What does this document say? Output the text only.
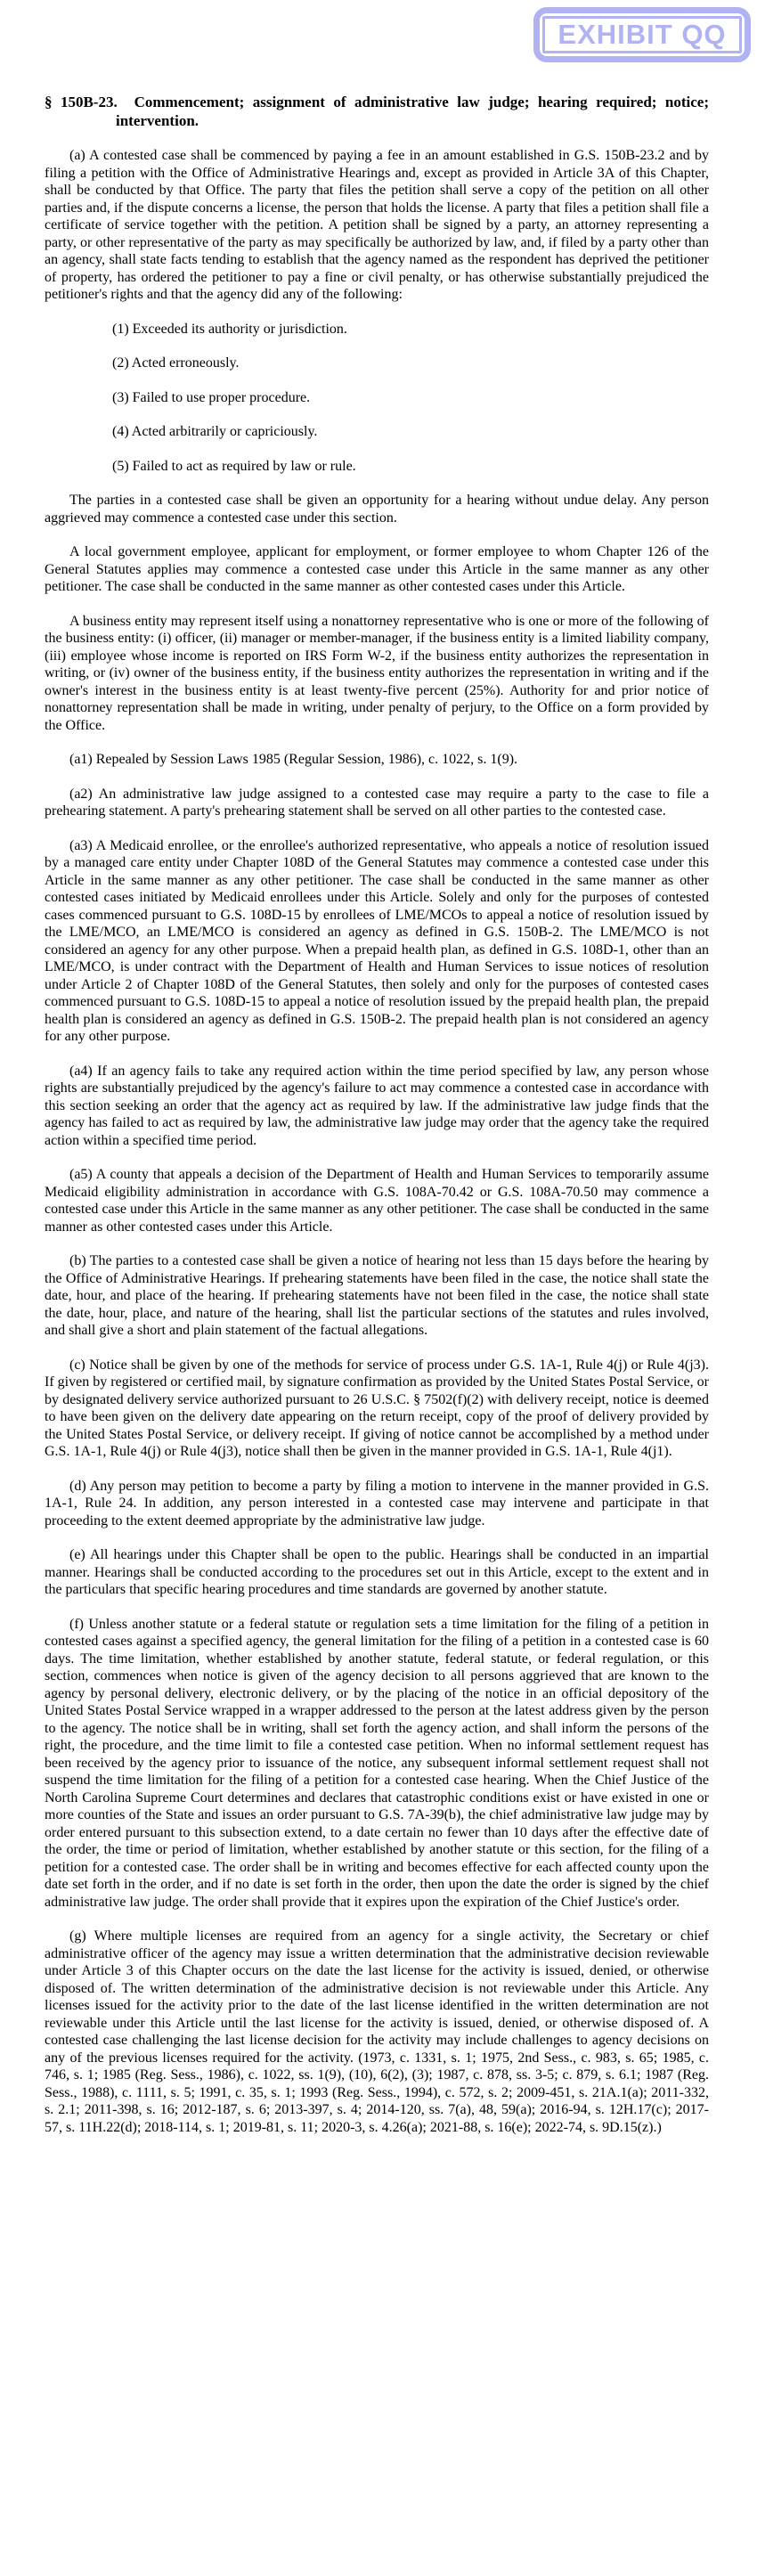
EXHIBIT QQ
§ 150B-23.  Commencement; assignment of administrative law judge; hearing required; notice; intervention.

(a) A contested case shall be commenced by paying a fee in an amount established in G.S. 150B-23.2 and by filing a petition with the Office of Administrative Hearings and, except as provided in Article 3A of this Chapter, shall be conducted by that Office. The party that files the petition shall serve a copy of the petition on all other parties and, if the dispute concerns a license, the person that holds the license. A party that files a petition shall file a certificate of service together with the petition. A petition shall be signed by a party, an attorney representing a party, or other representative of the party as may specifically be authorized by law, and, if filed by a party other than an agency, shall state facts tending to establish that the agency named as the respondent has deprived the petitioner of property, has ordered the petitioner to pay a fine or civil penalty, or has otherwise substantially prejudiced the petitioner's rights and that the agency did any of the following:

(1) Exceeded its authority or jurisdiction.
(2) Acted erroneously.
(3) Failed to use proper procedure.
(4) Acted arbitrarily or capriciously.
(5) Failed to act as required by law or rule.

The parties in a contested case shall be given an opportunity for a hearing without undue delay. Any person aggrieved may commence a contested case under this section.

A local government employee, applicant for employment, or former employee to whom Chapter 126 of the General Statutes applies may commence a contested case under this Article in the same manner as any other petitioner. The case shall be conducted in the same manner as other contested cases under this Article.

A business entity may represent itself using a nonattorney representative who is one or more of the following of the business entity: (i) officer, (ii) manager or member-manager, if the business entity is a limited liability company, (iii) employee whose income is reported on IRS Form W-2, if the business entity authorizes the representation in writing, or (iv) owner of the business entity, if the business entity authorizes the representation in writing and if the owner's interest in the business entity is at least twenty-five percent (25%). Authority for and prior notice of nonattorney representation shall be made in writing, under penalty of perjury, to the Office on a form provided by the Office.

(a1) Repealed by Session Laws 1985 (Regular Session, 1986), c. 1022, s. 1(9).

(a2) An administrative law judge assigned to a contested case may require a party to the case to file a prehearing statement. A party's prehearing statement shall be served on all other parties to the contested case.

(a3) A Medicaid enrollee, or the enrollee's authorized representative, who appeals a notice of resolution issued by a managed care entity under Chapter 108D of the General Statutes may commence a contested case under this Article in the same manner as any other petitioner. The case shall be conducted in the same manner as other contested cases initiated by Medicaid enrollees under this Article. Solely and only for the purposes of contested cases commenced pursuant to G.S. 108D-15 by enrollees of LME/MCOs to appeal a notice of resolution issued by the LME/MCO, an LME/MCO is considered an agency as defined in G.S. 150B-2. The LME/MCO is not considered an agency for any other purpose. When a prepaid health plan, as defined in G.S. 108D-1, other than an LME/MCO, is under contract with the Department of Health and Human Services to issue notices of resolution under Article 2 of Chapter 108D of the General Statutes, then solely and only for the purposes of contested cases commenced pursuant to G.S. 108D-15 to appeal a notice of resolution issued by the prepaid health plan, the prepaid health plan is considered an agency as defined in G.S. 150B-2. The prepaid health plan is not considered an agency for any other purpose.

(a4) If an agency fails to take any required action within the time period specified by law, any person whose rights are substantially prejudiced by the agency's failure to act may commence a contested case in accordance with this section seeking an order that the agency act as required by law. If the administrative law judge finds that the agency has failed to act as required by law, the administrative law judge may order that the agency take the required action within a specified time period.

(a5) A county that appeals a decision of the Department of Health and Human Services to temporarily assume Medicaid eligibility administration in accordance with G.S. 108A-70.42 or G.S. 108A-70.50 may commence a contested case under this Article in the same manner as any other petitioner. The case shall be conducted in the same manner as other contested cases under this Article.

(b) The parties to a contested case shall be given a notice of hearing not less than 15 days before the hearing by the Office of Administrative Hearings. If prehearing statements have been filed in the case, the notice shall state the date, hour, and place of the hearing. If prehearing statements have not been filed in the case, the notice shall state the date, hour, place, and nature of the hearing, shall list the particular sections of the statutes and rules involved, and shall give a short and plain statement of the factual allegations.

(c) Notice shall be given by one of the methods for service of process under G.S. 1A-1, Rule 4(j) or Rule 4(j3). If given by registered or certified mail, by signature confirmation as provided by the United States Postal Service, or by designated delivery service authorized pursuant to 26 U.S.C. § 7502(f)(2) with delivery receipt, notice is deemed to have been given on the delivery date appearing on the return receipt, copy of the proof of delivery provided by the United States Postal Service, or delivery receipt. If giving of notice cannot be accomplished by a method under G.S. 1A-1, Rule 4(j) or Rule 4(j3), notice shall then be given in the manner provided in G.S. 1A-1, Rule 4(j1).

(d) Any person may petition to become a party by filing a motion to intervene in the manner provided in G.S. 1A-1, Rule 24. In addition, any person interested in a contested case may intervene and participate in that proceeding to the extent deemed appropriate by the administrative law judge.

(e) All hearings under this Chapter shall be open to the public. Hearings shall be conducted in an impartial manner. Hearings shall be conducted according to the procedures set out in this Article, except to the extent and in the particulars that specific hearing procedures and time standards are governed by another statute.

(f) Unless another statute or a federal statute or regulation sets a time limitation for the filing of a petition in contested cases against a specified agency, the general limitation for the filing of a petition in a contested case is 60 days. The time limitation, whether established by another statute, federal statute, or federal regulation, or this section, commences when notice is given of the agency decision to all persons aggrieved that are known to the agency by personal delivery, electronic delivery, or by the placing of the notice in an official depository of the United States Postal Service wrapped in a wrapper addressed to the person at the latest address given by the person to the agency. The notice shall be in writing, shall set forth the agency action, and shall inform the persons of the right, the procedure, and the time limit to file a contested case petition. When no informal settlement request has been received by the agency prior to issuance of the notice, any subsequent informal settlement request shall not suspend the time limitation for the filing of a petition for a contested case hearing. When the Chief Justice of the North Carolina Supreme Court determines and declares that catastrophic conditions exist or have existed in one or more counties of the State and issues an order pursuant to G.S. 7A-39(b), the chief administrative law judge may by order entered pursuant to this subsection extend, to a date certain no fewer than 10 days after the effective date of the order, the time or period of limitation, whether established by another statute or this section, for the filing of a petition for a contested case. The order shall be in writing and becomes effective for each affected county upon the date set forth in the order, and if no date is set forth in the order, then upon the date the order is signed by the chief administrative law judge. The order shall provide that it expires upon the expiration of the Chief Justice's order.

(g) Where multiple licenses are required from an agency for a single activity, the Secretary or chief administrative officer of the agency may issue a written determination that the administrative decision reviewable under Article 3 of this Chapter occurs on the date the last license for the activity is issued, denied, or otherwise disposed of. The written determination of the administrative decision is not reviewable under this Article. Any licenses issued for the activity prior to the date of the last license identified in the written determination are not reviewable under this Article until the last license for the activity is issued, denied, or otherwise disposed of. A contested case challenging the last license decision for the activity may include challenges to agency decisions on any of the previous licenses required for the activity. (1973, c. 1331, s. 1; 1975, 2nd Sess., c. 983, s. 65; 1985, c. 746, s. 1; 1985 (Reg. Sess., 1986), c. 1022, ss. 1(9), (10), 6(2), (3); 1987, c. 878, ss. 3-5; c. 879, s. 6.1; 1987 (Reg. Sess., 1988), c. 1111, s. 5; 1991, c. 35, s. 1; 1993 (Reg. Sess., 1994), c. 572, s. 2; 2009-451, s. 21A.1(a); 2011-332, s. 2.1; 2011-398, s. 16; 2012-187, s. 6; 2013-397, s. 4; 2014-120, ss. 7(a), 48, 59(a); 2016-94, s. 12H.17(c); 2017-57, s. 11H.22(d); 2018-114, s. 1; 2019-81, s. 11; 2020-3, s. 4.26(a); 2021-88, s. 16(e); 2022-74, s. 9D.15(z).)
